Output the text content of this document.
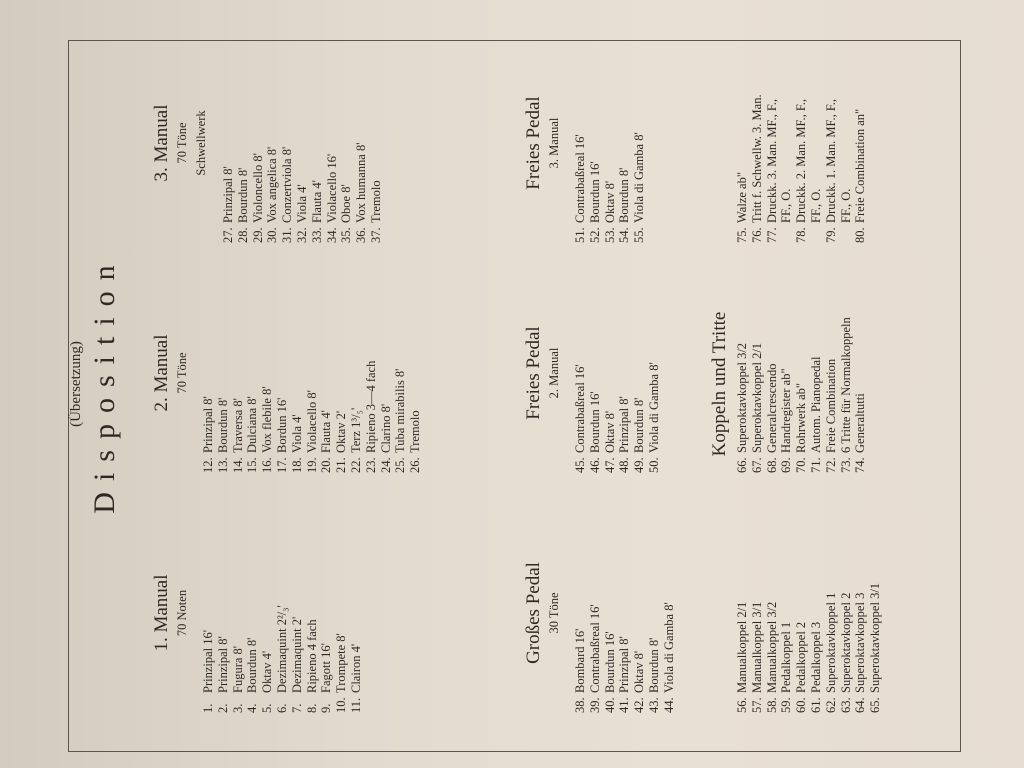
(Übersetzung) Disposition
1. Manual 70 Noten
1.Prinzipal 16'
2.Prinzipal 8'
3.Fugura 8'
4.Bourdun 8'
5.Oktav 4'
6.Dezimaquint 2²/₃'
7.Dezimaquint 2'
8.Ripieno 4 fach
9.Fagott 16'
10.Trompete 8'
11.Clairon 4'
2. Manual 70 Töne
12.Prinzipal 8'
13.Bourdun 8'
14.Traversa 8'
15.Dulciana 8'
16.Vox flebile 8'
17.Bordun 16'
18.Viola 4'
19.Violacello 8'
20.Flauta 4'
21.Oktav 2'
22.Terz 1³/₅'
23.Ripieno 3—4 fach
24.Clarino 8'
25.Tuba mirabilis 8'
26.Tremolo
3. Manual 70 Töne Schwellwerk
27.Prinzipal 8'
28.Bourdun 8'
29.Violoncello 8'
30.Vox angelica 8'
31.Conzertviola 8'
32.Viola 4'
33.Flauta 4'
34.Violacello 16'
35.Oboe 8'
36.Vox humanna 8'
37.Tremolo
Großes Pedal 30 Töne
38.Bombard 16'
39.Contrabaßreal 16'
40.Bourdun 16'
41.Prinzipal 8'
42.Oktav 8'
43.Bourdun 8'
44.Viola di Gamba 8'
Freies Pedal 2. Manual
45.Contrabaßreal 16'
46.Bourdun 16'
47.Oktav 8'
48.Prinzipal 8'
49.Bourdun 8'
50.Viola di Gamba 8'
Freies Pedal 3. Manual
51.Contrabaßreal 16'
52.Bourdun 16'
53.Oktav 8'
54.Bourdun 8'
55.Viola di Gamba 8'
Koppeln und Tritte
56.Manualkoppel 2/1
57.Manualkoppel 3/1
58.Manualkoppel 3/2
59.Pedalkoppel 1
60.Pedalkoppel 2
61.Pedalkoppel 3
62.Superoktavkoppel 1
63.Superoktavkoppel 2
64.Superoktavkoppel 3
65.Superoktavkoppel 3/1
66.Superoktavkoppel 3/2
67.Superoktavkoppel 2/1
68.Generalcrescendo
69.Handregister ab"
70.Rohrwerk ab"
71.Autom. Pianopedal
72.Freie Combination
73.6 Tritte für Normalkoppeln
74.Generaltutti
75.Walze ab"
76.Tritt f. Schwellw. 3. Man.
77.Druckk. 3. Man. MF., F., FF., O.
78.Druckk. 2. Man. MF., F., FF., O.
79.Druckk. 1. Man. MF., F., FF., O.
80.Freie Combination an"
